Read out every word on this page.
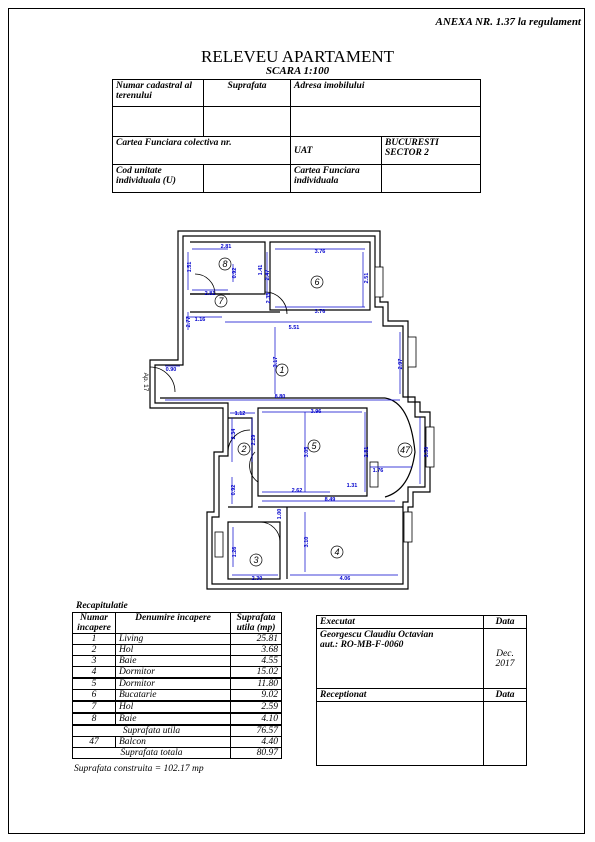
ANEXA NR. 1.37 la regulament
RELEVEU APARTAMENT
SCARA 1:100
Numar cadastral al terenului	Suprafata	Adresa imobilului	

Cartea Funciara colectiva nr.		UAT	BUCURESTI SECTOR 2
Cod unitate individuala (U)		Cartea Funciara individuala	
8
6
7
1
2	5	47
4
3
2.81
3.76
2.81
3.76
5.51
8.80
0.90
1.12	3.96
8.49
2.62
1.31
4.06
2.30
1.76
1.16
3.17	2.97
3.50
2.51
2.47
0.92
1.51	1.41
2.77
2.34
2.29
3.05	2.81
3.10
1.00
1.26
0.92
2.33
Ap. 17
Recapitulatie
Numar incapere	Denumire incapere	Suprafata utila (mp)
1	Living	25.81
2	Hol	3.68
3	Baie	4.55
4	Dormitor	15.02
5	Dormitor	11.80
6	Bucatarie	9.02
7	Hol	2.59
8	Baie	4.10
Suprafata utila		76.57
47	Balcon	4.40
Suprafata totala		80.97
Suprafata construita = 102.17 mp
Executat	Data

Georgescu Claudiu Octavian
aut.: RO-MB-F-0060	Dec. 2017
Receptionat	Data
